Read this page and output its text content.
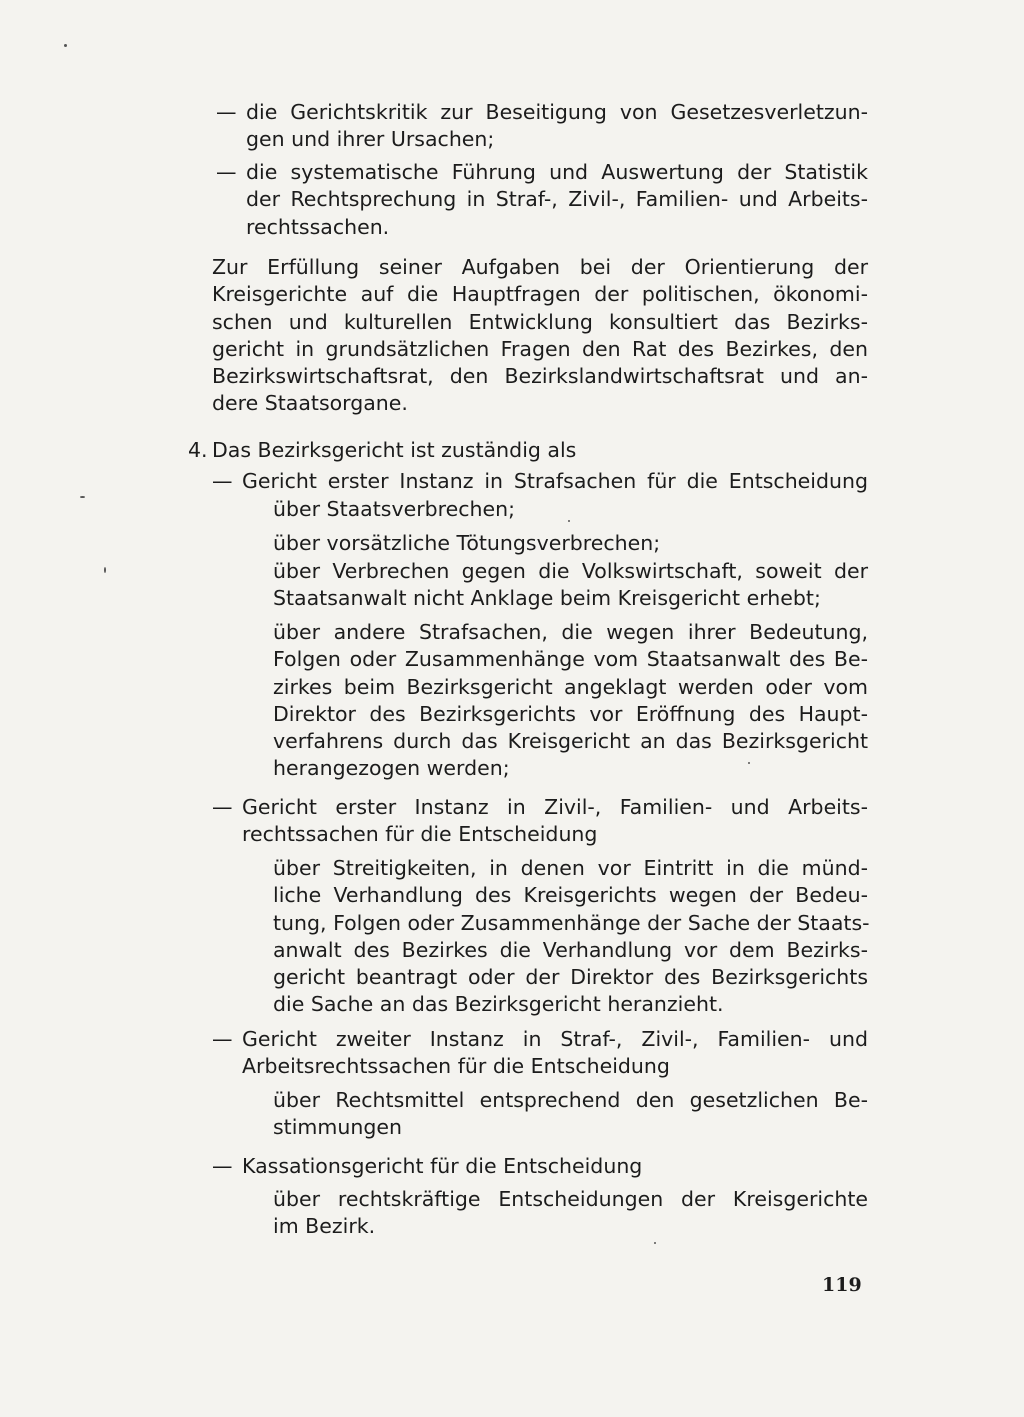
— die Gerichtskritik zur Beseitigung von Gesetzesverletzun-
gen und ihrer Ursachen;
— die systematische Führung und Auswertung der Statistik
der Rechtsprechung in Straf-, Zivil-, Familien- und Arbeits-
rechtssachen.
Zur Erfüllung seiner Aufgaben bei der Orientierung der
Kreisgerichte auf die Hauptfragen der politischen, ökonomi-
schen und kulturellen Entwicklung konsultiert das Bezirks-
gericht in grundsätzlichen Fragen den Rat des Bezirkes, den
Bezirkswirtschaftsrat, den Bezirkslandwirtschaftsrat und an-
dere Staatsorgane.
4. Das Bezirksgericht ist zuständig als
— Gericht erster Instanz in Strafsachen für die Entscheidung
über Staatsverbrechen;
über vorsätzliche Tötungsverbrechen;
über Verbrechen gegen die Volkswirtschaft, soweit der
Staatsanwalt nicht Anklage beim Kreisgericht erhebt;
über andere Strafsachen, die wegen ihrer Bedeutung,
Folgen oder Zusammenhänge vom Staatsanwalt des Be-
zirkes beim Bezirksgericht angeklagt werden oder vom
Direktor des Bezirksgerichts vor Eröffnung des Haupt-
verfahrens durch das Kreisgericht an das Bezirksgericht
herangezogen werden;
— Gericht erster Instanz in Zivil-, Familien- und Arbeits-
rechtssachen für die Entscheidung
über Streitigkeiten, in denen vor Eintritt in die münd-
liche Verhandlung des Kreisgerichts wegen der Bedeu-
tung, Folgen oder Zusammenhänge der Sache der Staats-
anwalt des Bezirkes die Verhandlung vor dem Bezirks-
gericht beantragt oder der Direktor des Bezirksgerichts
die Sache an das Bezirksgericht heranzieht.
— Gericht zweiter Instanz in Straf-, Zivil-, Familien- und
Arbeitsrechtssachen für die Entscheidung
über Rechtsmittel entsprechend den gesetzlichen Be-
stimmungen
— Kassationsgericht für die Entscheidung
über rechtskräftige Entscheidungen der Kreisgerichte
im Bezirk.
119
